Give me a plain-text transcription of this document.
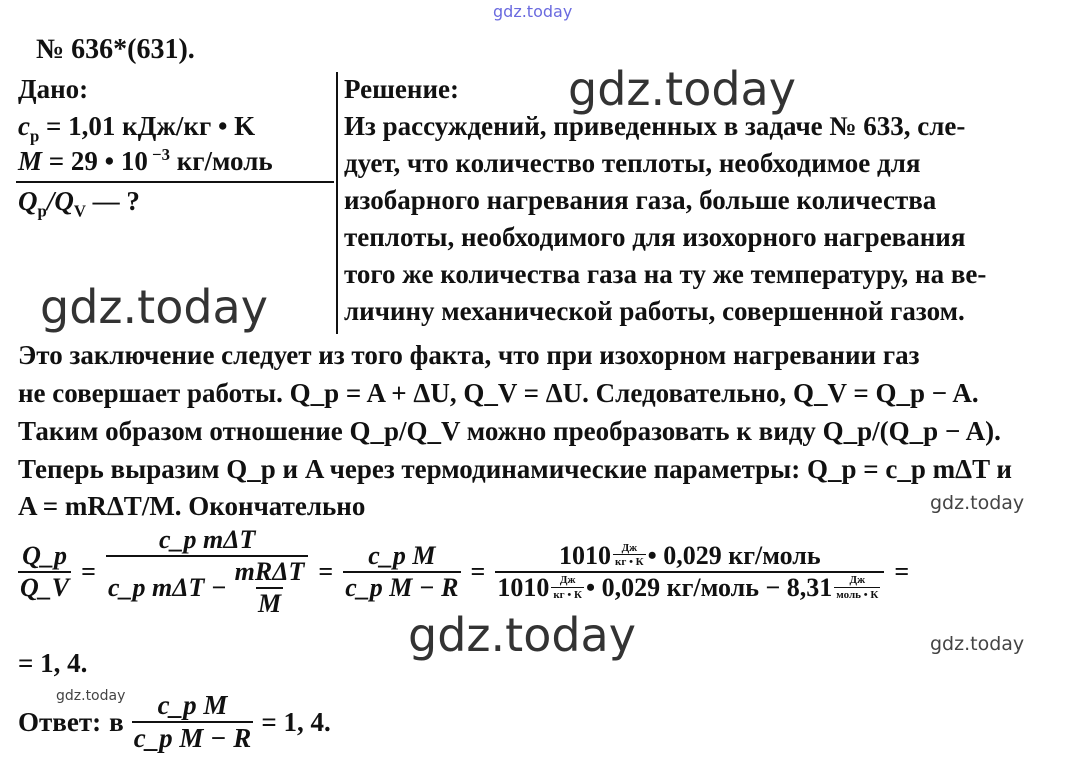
gdz.today
gdz.today
gdz.today
gdz.today
gdz.today
gdz.today
gdz.today
№ 636*(631).
Дано:
$c_p = 1,01$ кДж/кг • K
M = 29 • 10 $^{-3}$ кг/моль
$Q_p/Q_V$ — ?
Решение:
Из рассуждений, приведенных в задаче № 633, сле-
дует, что количество теплоты, необходимое для
изобарного нагревания газа, больше количества
теплоты, необходимого для изохорного нагревания
того же количества газа на ту же температуру, на ве-
личину механической работы, совершенной газом.
Это заключение следует из того факта, что при изохорном нагревании газ
не совершает работы. Q_p = A + ΔU, Q_V = ΔU. Следовательно, Q_V = Q_p − A.
Таким образом отношение Q_p/Q_V можно преобразовать к виду Q_p/(Q_p − A).
Теперь выразим Q_p и A через термодинамические параметры: Q_p = c_p mΔT и
A = mRΔT/M. Окончательно
$\frac{Q\_p}{Q\_V} = \frac{\text{c\_p mΔT}}{c\_p m\Delta T - \frac{\text{mRΔT}}{M}} = \frac{\text{c\_p M}}{\text{c\_p M − R}}$ =
$1010 \frac{Дж}{кг • К}$ • 0,029 кг/моль
$1010 \frac{Дж}{кг • К}$ • 0,029 кг/моль − $8,31 \frac{Дж}{\text{моль • К}}$
=
= 1, 4.
Ответ: в $\frac{\text{c\_p M}}{\text{c\_p M − R}} = 1$, 4.
